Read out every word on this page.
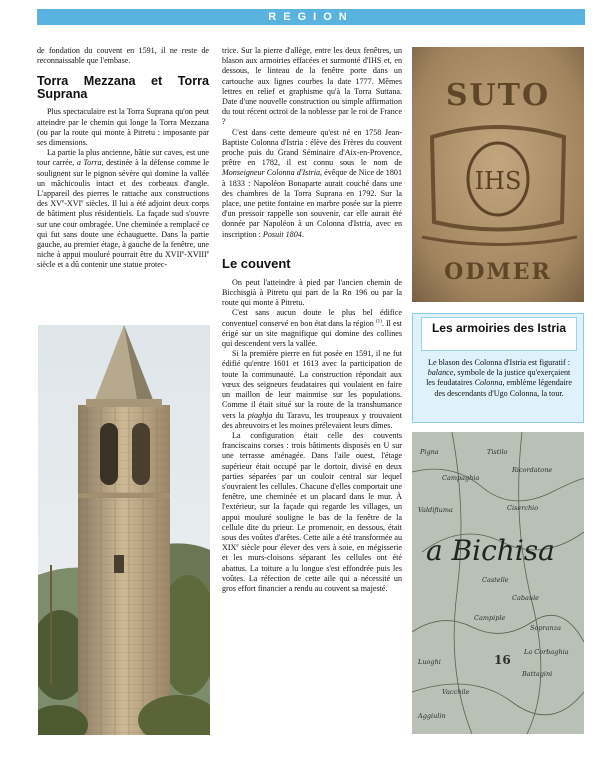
REGION

de fondation du couvent en 1591, il ne reste de reconnaissable que l'embase.

Torra Mezzana et Torra Suprana

Plus spectaculaire est la Torra Suprana qu'on peut atteindre par le chemin qui longe la Torra Mezzana (ou par la route qui monte à Pitretu : imposante par ses dimensions.

La partie la plus ancienne, bâtie sur caves, est une tour carrée, a Torra, destinée à la défense comme le soulignent sur le pignon sévère qui domine la vallée un mâchicoulis intact et des corbeaux d'angle. L'appareil des pierres le rattache aux constructions des XVe-XVIe siècles. Il lui a été adjoint deux corps de bâtiment plus résidentiels. La façade sud s'ouvre sur une cour ombragée. Une cheminée a remplacé ce qui fut sans doute une échauguette. Dans la partie gauche, au premier étage, à gauche de la fenêtre, une niche à appui mouluré pourrait être du XVIIe-XVIIIe siècle et a dû contenir une statue protec-

trice. Sur la pierre d'allège, entre les deux fenêtres, un blason aux armoiries effacées et surmonté d'IHS et, en dessous, le linteau de la fenêtre porte dans un cartouche aux lignes courbes la date 1777. Mêmes lettres en relief et graphisme qu'à la Torra Suttana. Date d'une nouvelle construction ou simple affirmation du tout récent octroi de la noblesse par le roi de France ?

C'est dans cette demeure qu'est né en 1758 Jean-Baptiste Colonna d'Istria : élève des Frères du couvent proche puis du Grand Séminaire d'Aix-en-Provence, prêtre en 1782, il est connu sous le nom de Monseigneur Colonna d'Istria, évêque de Nice de 1801 à 1833 : Napoléon Bonaparte aurait couché dans une des chambres de la Torra Suprana en 1792. Sur la place, une petite fontaine en marbre posée sur la pierre d'un pressoir rappelle son souvenir, car elle aurait été donnée par Napoléon à un Colonna d'Istria, avec en inscription : Posuit 1804.

Le couvent

On peut l'atteindre à pied par l'ancien chemin de Bicchisgià à Pitretu qui part de la Rn 196 ou par la route qui monte à Pitretu.

C'est sans aucun doute le plus bel édifice conventuel conservé en bon état dans la région $^{(1)}$. Il est érigé sur un site magnifique qui domine des collines qui descendent vers la vallée.

Si la première pierre en fut posée en 1591, il ne fut édifié qu'entre 1601 et 1613 avec la participation de toute la communauté. La construction répondait aux vœux des seigneurs feudataires qui voulaient en faire un maillon de leur mainmise sur les populations. Comme il était situé sur la route de la transhumance vers la piaghja du Taravu, les troupeaux y trouvaient des abreuvoirs et les moines prélevaient leurs dîmes.

La configuration était celle des couvents franciscains corses : trois bâtiments disposés en U sur une terrasse aménagée. Dans l'aile ouest, l'étage supérieur était occupé par le dortoir, divisé en deux parties séparées par un couloir central sur lequel s'ouvraient les cellules. Chacune d'elles comportait une fenêtre, une cheminée et un placard dans le mur. À l'extérieur, sur la façade qui regarde les villages, un appui mouluré souligne le bas de la fenêtre de la cellule dite du prieur. Le promenoir, en dessous, était sous des voûtes d'arêtes. Cette aile a été transformée au XIXe siècle pour élever des vers à soie, en mégisserie et les murs-cloisons séparant les cellules ont été abattus. La toiture a lu longue s'est effondrée puis les voûtes. La réfection de cette aile qui a nécessité un gros effort financier a rendu au couvent sa majesté.

IHS
SUTO
ODMER
Les armoiries des Istria
Le blason des Colonna d'Istria est figuratif : balance, symbole de la justice qu'exerçaient les feudataires Colonna, emblème légendaire des descendants d'Ugo Colonna, la tour.
Pigna	Tistilo
Campaghia
Ricordatone
Valdifiuma	Ciserchio
Castelle
Cabaule
Campiple
Sopranza
La Corbaghia
Battagini
Luoghi
Vacchile
Aggiulin
a Bichisa
16
